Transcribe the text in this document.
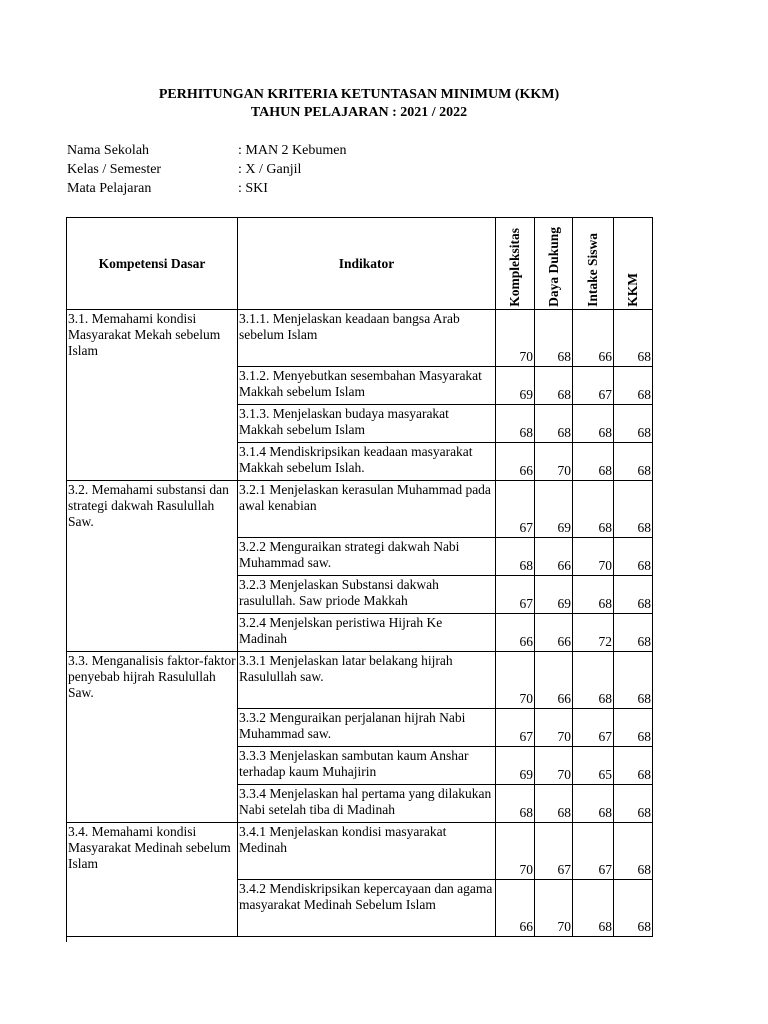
PERHITUNGAN KRITERIA KETUNTASAN MINIMUM (KKM)
TAHUN PELAJARAN : 2021 / 2022
Nama Sekolah	: MAN 2 Kebumen
Kelas / Semester	: X / Ganjil
Mata Pelajaran	: SKI
Kompetensi Dasar	Indikator	Kompleksitas	Daya Dukung	Intake Siswa	KKM

3.1. Memahami kondisi Masyarakat Mekah sebelum Islam	3.1.1. Menjelaskan keadaan bangsa Arab sebelum Islam	70	68	66	68
	3.1.2. Menyebutkan sesembahan Masyarakat Makkah sebelum Islam	69	68	67	68
	3.1.3. Menjelaskan budaya masyarakat Makkah sebelum Islam	68	68	68	68
	3.1.4 Mendiskripsikan keadaan masyarakat Makkah sebelum Islah.	66	70	68	68
3.2. Memahami substansi dan strategi dakwah Rasulullah Saw.	3.2.1 Menjelaskan kerasulan Muhammad pada awal kenabian	67	69	68	68
	3.2.2 Menguraikan strategi dakwah Nabi Muhammad saw.	68	66	70	68
	3.2.3 Menjelaskan Substansi dakwah rasulullah. Saw priode Makkah	67	69	68	68
	3.2.4 Menjelskan peristiwa Hijrah Ke Madinah	66	66	72	68
3.3. Menganalisis faktor-faktor penyebab hijrah Rasulullah Saw.	3.3.1 Menjelaskan latar belakang hijrah Rasulullah saw.	70	66	68	68
	3.3.2 Menguraikan perjalanan hijrah Nabi Muhammad saw.	67	70	67	68
	3.3.3 Menjelaskan sambutan kaum Anshar terhadap kaum Muhajirin	69	70	65	68
	3.3.4 Menjelaskan hal pertama yang dilakukan Nabi setelah tiba di Madinah	68	68	68	68
3.4. Memahami kondisi Masyarakat Medinah sebelum Islam	3.4.1 Menjelaskan kondisi masyarakat Medinah	70	67	67	68
	3.4.2 Mendiskripsikan kepercayaan dan agama masyarakat Medinah Sebelum Islam	66	70	68	68
